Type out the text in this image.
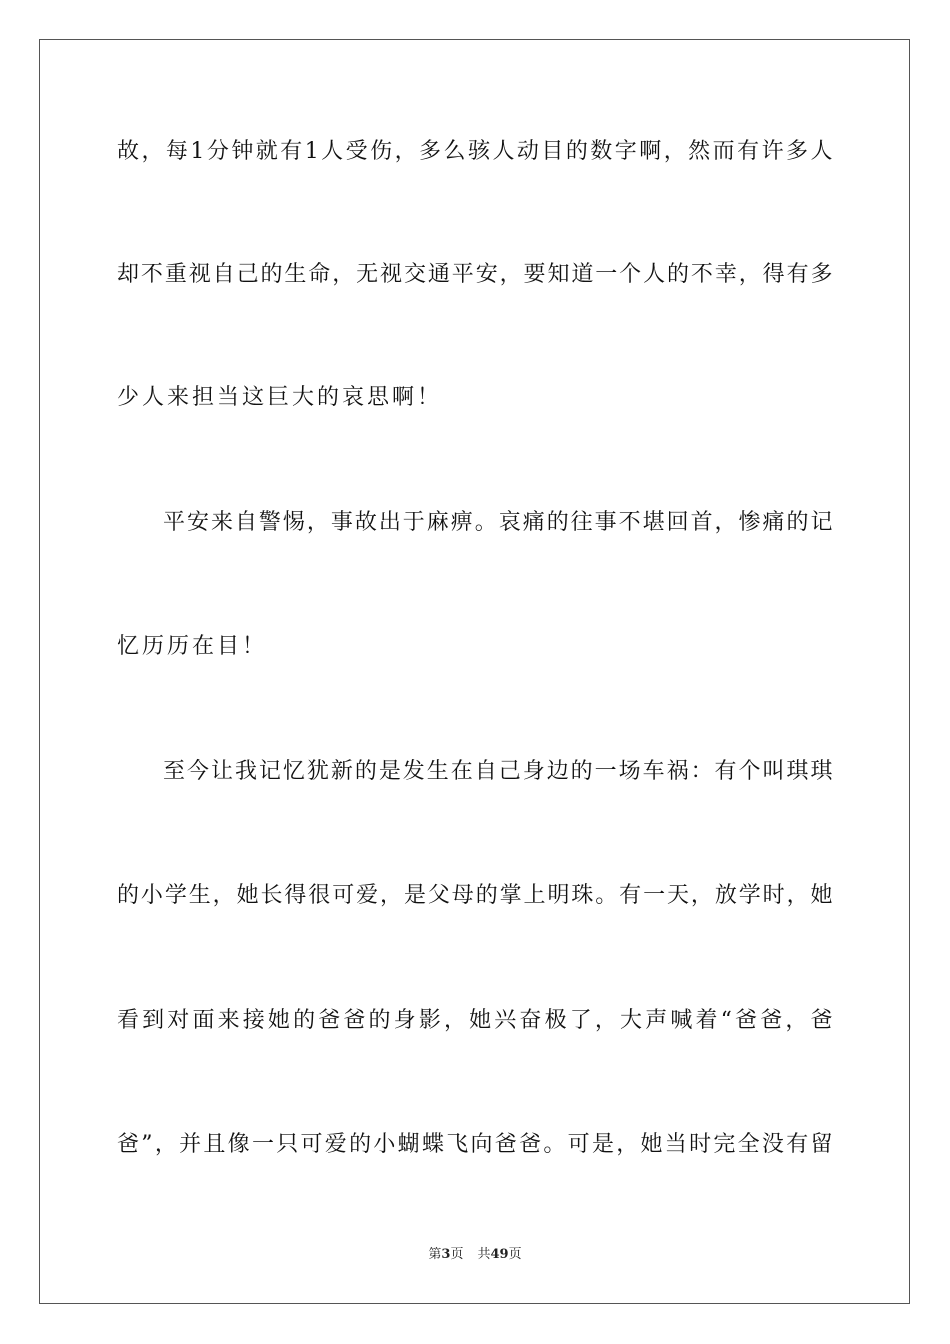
故，每1分钟就有1人受伤，多么骇人动目的数字啊，然而有许多人
却不重视自己的生命，无视交通平安，要知道一个人的不幸，得有多
少人来担当这巨大的哀思啊！
平安来自警惕，事故出于麻痹。哀痛的往事不堪回首，惨痛的记
忆历历在目！
至今让我记忆犹新的是发生在自己身边的一场车祸：有个叫琪琪
的小学生，她长得很可爱，是父母的掌上明珠。有一天，放学时，她
看到对面来接她的爸爸的身影，她兴奋极了，大声喊着“爸爸，爸
爸”，并且像一只可爱的小蝴蝶飞向爸爸。可是，她当时完全没有留
第3页 共49页
